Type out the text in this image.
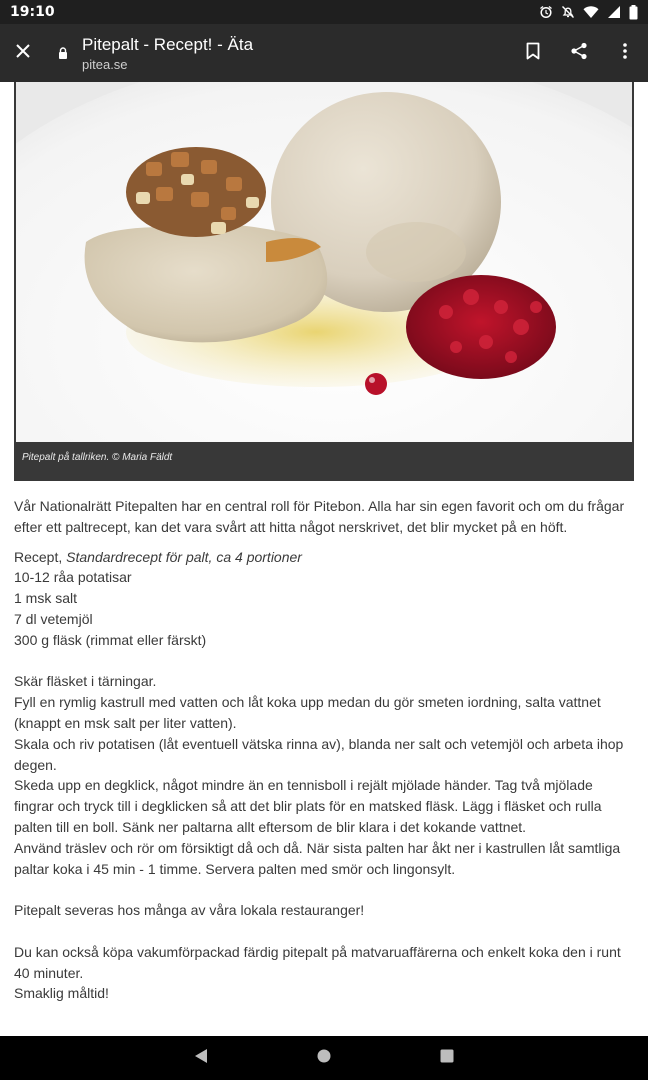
19:10
Pitepalt - Recept! - Äta
pitea.se
Pitepalt på tallriken. © Maria Fäldt

Vår Nationalrätt Pitepalten har en central roll för Pitebon. Alla har sin egen favorit och om du frågar efter ett paltrecept, kan det vara svårt att hitta något nerskrivet, det blir mycket på en höft.

Recept, Standardrecept för palt, ca 4 portioner

10-12 råa potatisar

1 msk salt

7 dl vetemjöl

300 g fläsk (rimmat eller färskt)

Skär fläsket i tärningar.

Fyll en rymlig kastrull med vatten och låt koka upp medan du gör smeten iordning, salta vattnet (knappt en msk salt per liter vatten).

Skala och riv potatisen (låt eventuell vätska rinna av), blanda ner salt och vetemjöl och arbeta ihop degen.

Skeda upp en degklick, något mindre än en tennisboll i rejält mjölade händer. Tag två mjölade fingrar och tryck till i degklicken så att det blir plats för en matsked fläsk. Lägg i fläsket och rulla palten till en boll. Sänk ner paltarna allt eftersom de blir klara i det kokande vattnet.

Använd träslev och rör om försiktigt då och då. När sista palten har åkt ner i kastrullen låt samtliga paltar koka i 45 min - 1 timme. Servera palten med smör och lingonsylt.

Pitepalt severas hos många av våra lokala restauranger!

Du kan också köpa vakumförpackad färdig pitepalt på matvaruaffärerna och enkelt koka den i runt 40 minuter.

Smaklig måltid!
